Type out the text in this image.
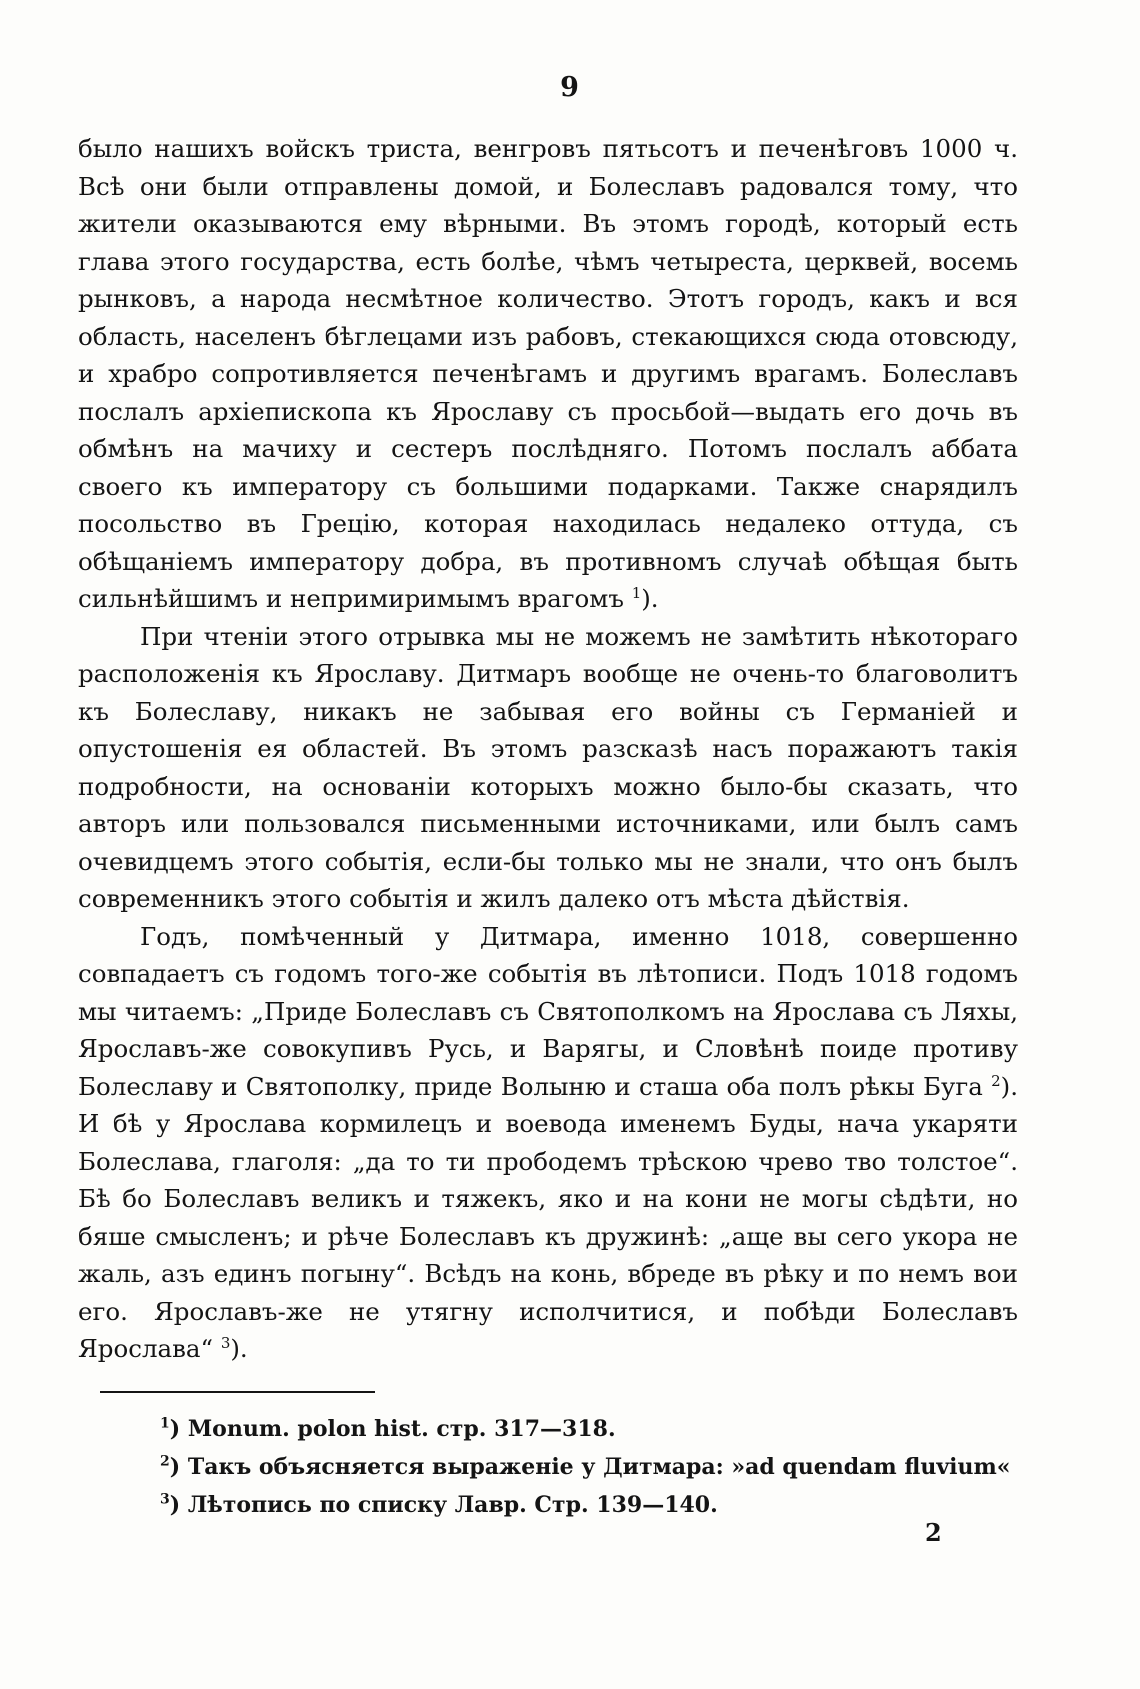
9

было нашихъ войскъ триста, венгровъ пятьсотъ и печенѣговъ 1000 ч. Всѣ они были отправлены домой, и Болеславъ радовался тому, что жители оказываются ему вѣрными. Въ этомъ городѣ, который есть глава этого государства, есть болѣе, чѣмъ четыреста, церквей, восемь рынковъ, а народа несмѣтное количество. Этотъ городъ, какъ и вся область, населенъ бѣглецами изъ рабовъ, стекающихся сюда отовсюду, и храбро сопротивляется печенѣгамъ и другимъ врагамъ. Болеславъ послалъ архіепископа къ Ярославу съ просьбой—выдать его дочь въ обмѣнъ на мачиху и сестеръ послѣдняго. Потомъ послалъ аббата своего къ императору съ большими подарками. Также снарядилъ посольство въ Грецію, которая находилась недалеко оттуда, съ обѣщаніемъ императору добра, въ противномъ случаѣ обѣщая быть сильнѣйшимъ и непримиримымъ врагомъ $^1$).

При чтеніи этого отрывка мы не можемъ не замѣтить нѣкотораго расположенія къ Ярославу. Дитмаръ вообще не очень-то благоволитъ къ Болеславу, никакъ не забывая его войны съ Германіей и опустошенія ея областей. Въ этомъ разсказѣ насъ поражаютъ такія подробности, на основаніи которыхъ можно было-бы сказать, что авторъ или пользовался письменными источниками, или былъ самъ очевидцемъ этого событія, если-бы только мы не знали, что онъ былъ современникъ этого событія и жилъ далеко отъ мѣста дѣйствія.

Годъ, помѣченный у Дитмара, именно 1018, совершенно совпадаетъ съ годомъ того-же событія въ лѣтописи. Подъ 1018 годомъ мы читаемъ: „Приде Болеславъ съ Святополкомъ на Ярослава съ Ляхы, Ярославъ-же совокупивъ Русь, и Варягы, и Словѣнѣ поиде противу Болеславу и Святополку, приде Волыню и сташа оба полъ рѣкы Буга $^2$). И бѣ у Ярослава кормилецъ и воевода именемъ Буды, нача укаряти Болеслава, глаголя: „да то ти прободемъ трѣскою чрево тво толстое“. Бѣ бо Болеславъ великъ и тяжекъ, яко и на кони не могы сѣдѣти, но бяше смысленъ; и рѣче Болеславъ къ дружинѣ: „аще вы сего укора не жаль, азъ единъ погыну“. Всѣдъ на конь, вбреде въ рѣку и по немъ вои его. Ярославъ-же не утягну исполчитися, и побѣди Болеславъ Ярослава“ $^3$).

$^1$) Monum. polon hist. стр. 317—318.

$^2$) Такъ объясняется выраженіе у Дитмара: »ad quendam fluvium«

$^3$) Лѣтопись по списку Лавр. Стр. 139—140.

2
